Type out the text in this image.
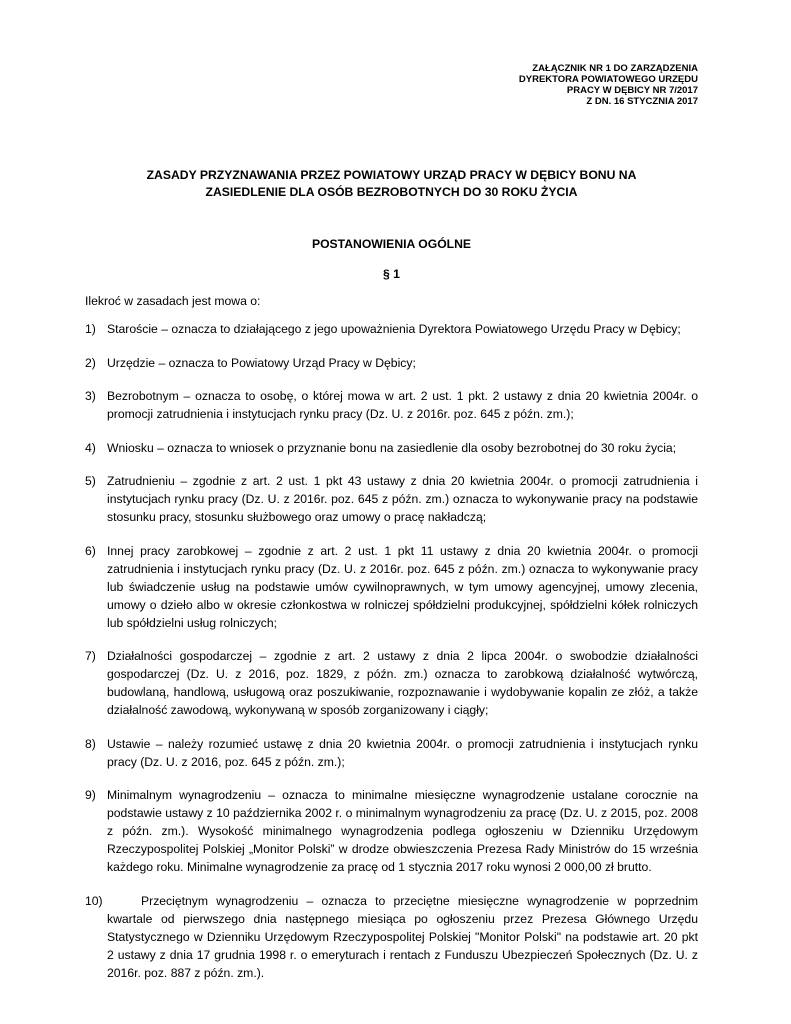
ZAŁĄCZNIK NR 1 DO ZARZĄDZENIA
DYREKTORA POWIATOWEGO URZĘDU
PRACY W DĘBICY NR 7/2017
Z DN. 16 STYCZNIA 2017
ZASADY PRZYZNAWANIA PRZEZ POWIATOWY URZĄD PRACY W DĘBICY BONU NA
ZASIEDLENIE DLA OSÓB BEZROBOTNYCH DO 30 ROKU ŻYCIA
POSTANOWIENIA OGÓLNE
§ 1
Ilekroć w zasadach jest mowa o:
1) Staroście – oznacza to działającego z jego upoważnienia Dyrektora Powiatowego Urzędu Pracy w Dębicy;
2) Urzędzie – oznacza to Powiatowy Urząd Pracy w Dębicy;
3) Bezrobotnym – oznacza to osobę, o której mowa w art. 2 ust. 1 pkt. 2 ustawy z dnia 20 kwietnia 2004r. o promocji zatrudnienia i instytucjach rynku pracy (Dz. U. z 2016r. poz. 645 z późn. zm.);
4) Wniosku – oznacza to wniosek o przyznanie bonu na zasiedlenie dla osoby bezrobotnej do 30 roku życia;
5) Zatrudnieniu – zgodnie z art. 2 ust. 1 pkt 43 ustawy z dnia 20 kwietnia 2004r. o promocji zatrudnienia i instytucjach rynku pracy (Dz. U. z 2016r. poz. 645 z późn. zm.) oznacza to wykonywanie pracy na podstawie stosunku pracy, stosunku służbowego oraz umowy o pracę nakładczą;
6) Innej pracy zarobkowej – zgodnie z art. 2 ust. 1 pkt 11 ustawy z dnia 20 kwietnia 2004r. o promocji zatrudnienia i instytucjach rynku pracy (Dz. U. z 2016r. poz. 645 z późn. zm.) oznacza to wykonywanie pracy lub świadczenie usług na podstawie umów cywilnoprawnych, w tym umowy agencyjnej, umowy zlecenia, umowy o dzieło albo w okresie członkostwa w rolniczej spółdzielni produkcyjnej, spółdzielni kółek rolniczych lub spółdzielni usług rolniczych;
7) Działalności gospodarczej – zgodnie z art. 2 ustawy z dnia 2 lipca 2004r. o swobodzie działalności gospodarczej (Dz. U. z 2016, poz. 1829, z późn. zm.) oznacza to zarobkową działalność wytwórczą, budowlaną, handlową, usługową oraz poszukiwanie, rozpoznawanie i wydobywanie kopalin ze złóż, a także działalność zawodową, wykonywaną w sposób zorganizowany i ciągły;
8) Ustawie – należy rozumieć ustawę z dnia 20 kwietnia 2004r. o promocji zatrudnienia i instytucjach rynku pracy (Dz. U. z 2016, poz. 645 z późn. zm.);
9) Minimalnym wynagrodzeniu – oznacza to minimalne miesięczne wynagrodzenie ustalane corocznie na podstawie ustawy z 10 października 2002 r. o minimalnym wynagrodzeniu za pracę (Dz. U. z 2015, poz. 2008 z późn. zm.). Wysokość minimalnego wynagrodzenia podlega ogłoszeniu w Dzienniku Urzędowym Rzeczypospolitej Polskiej „Monitor Polski” w drodze obwieszczenia Prezesa Rady Ministrów do 15 września każdego roku. Minimalne wynagrodzenie za pracę od 1 stycznia 2017 roku wynosi 2 000,00 zł brutto.
10)	Przeciętnym wynagrodzeniu – oznacza to przeciętne miesięczne wynagrodzenie w poprzednim kwartale od pierwszego dnia następnego miesiąca po ogłoszeniu przez Prezesa Głównego Urzędu Statystycznego w Dzienniku Urzędowym Rzeczypospolitej Polskiej "Monitor Polski" na podstawie art. 20 pkt 2 ustawy z dnia 17 grudnia 1998 r. o emeryturach i rentach z Funduszu Ubezpieczeń Społecznych (Dz. U. z 2016r. poz. 887 z późn. zm.).
